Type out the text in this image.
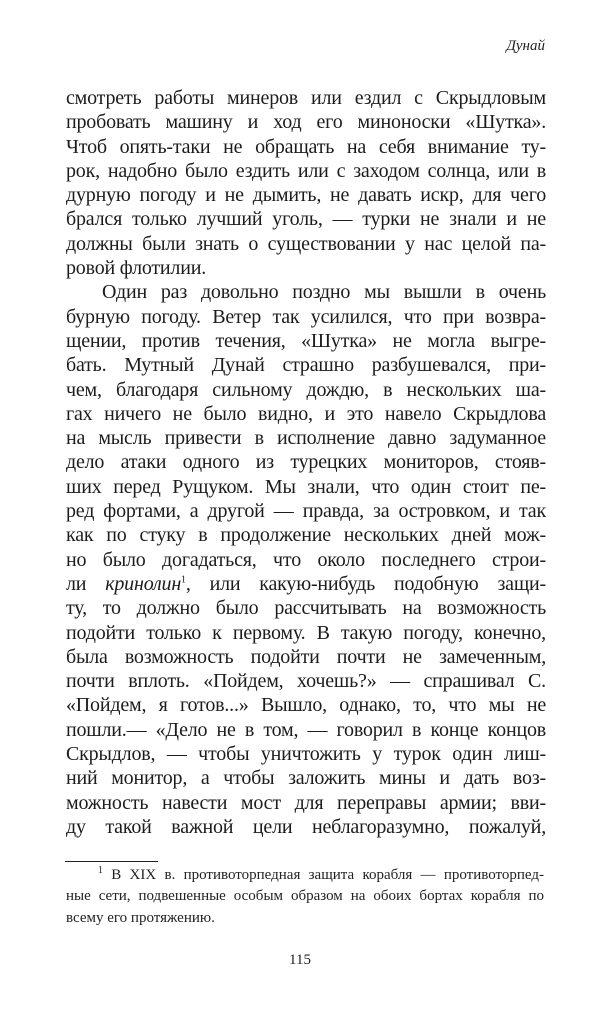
Дунай
смотреть работы минеров или ездил с Скрыдловым
пробовать машину и ход его миноноски «Шутка».
Чтоб опять-таки не обращать на себя внимание ту-
рок, надобно было ездить или с заходом солнца, или в
дурную погоду и не дымить, не давать искр, для чего
брался только лучший уголь, — турки не знали и не
должны были знать о существовании у нас целой па-
ровой флотилии.
Один раз довольно поздно мы вышли в очень
бурную погоду. Ветер так усилился, что при возвра-
щении, против течения, «Шутка» не могла выгре-
бать. Мутный Дунай страшно разбушевался, при-
чем, благодаря сильному дождю, в нескольких ша-
гах ничего не было видно, и это навело Скрыдлова
на мысль привести в исполнение давно задуманное
дело атаки одного из турецких мониторов, стояв-
ших перед Рущуком. Мы знали, что один стоит пе-
ред фортами, а другой — правда, за островком, и так
как по стуку в продолжение нескольких дней мож-
но было догадаться, что около последнего строи-
ли кринолин$^1$, или какую-нибудь подобную защи-
ту, то должно было рассчитывать на возможность
подойти только к первому. В такую погоду, конечно,
была возможность подойти почти не замеченным,
почти вплоть. «Пойдем, хочешь?» — спрашивал С.
«Пойдем, я готов...» Вышло, однако, то, что мы не
пошли.— «Дело не в том, — говорил в конце концов
Скрыдлов, — чтобы уничтожить у турок один лиш-
ний монитор, а чтобы заложить мины и дать воз-
можность навести мост для переправы армии; вви-
ду такой важной цели неблагоразумно, пожалуй,
$^1$ В XIX в. противоторпедная защита корабля — противоторпед-
ные сети, подвешенные особым образом на обоих бортах корабля по
всему его протяжению.
115
